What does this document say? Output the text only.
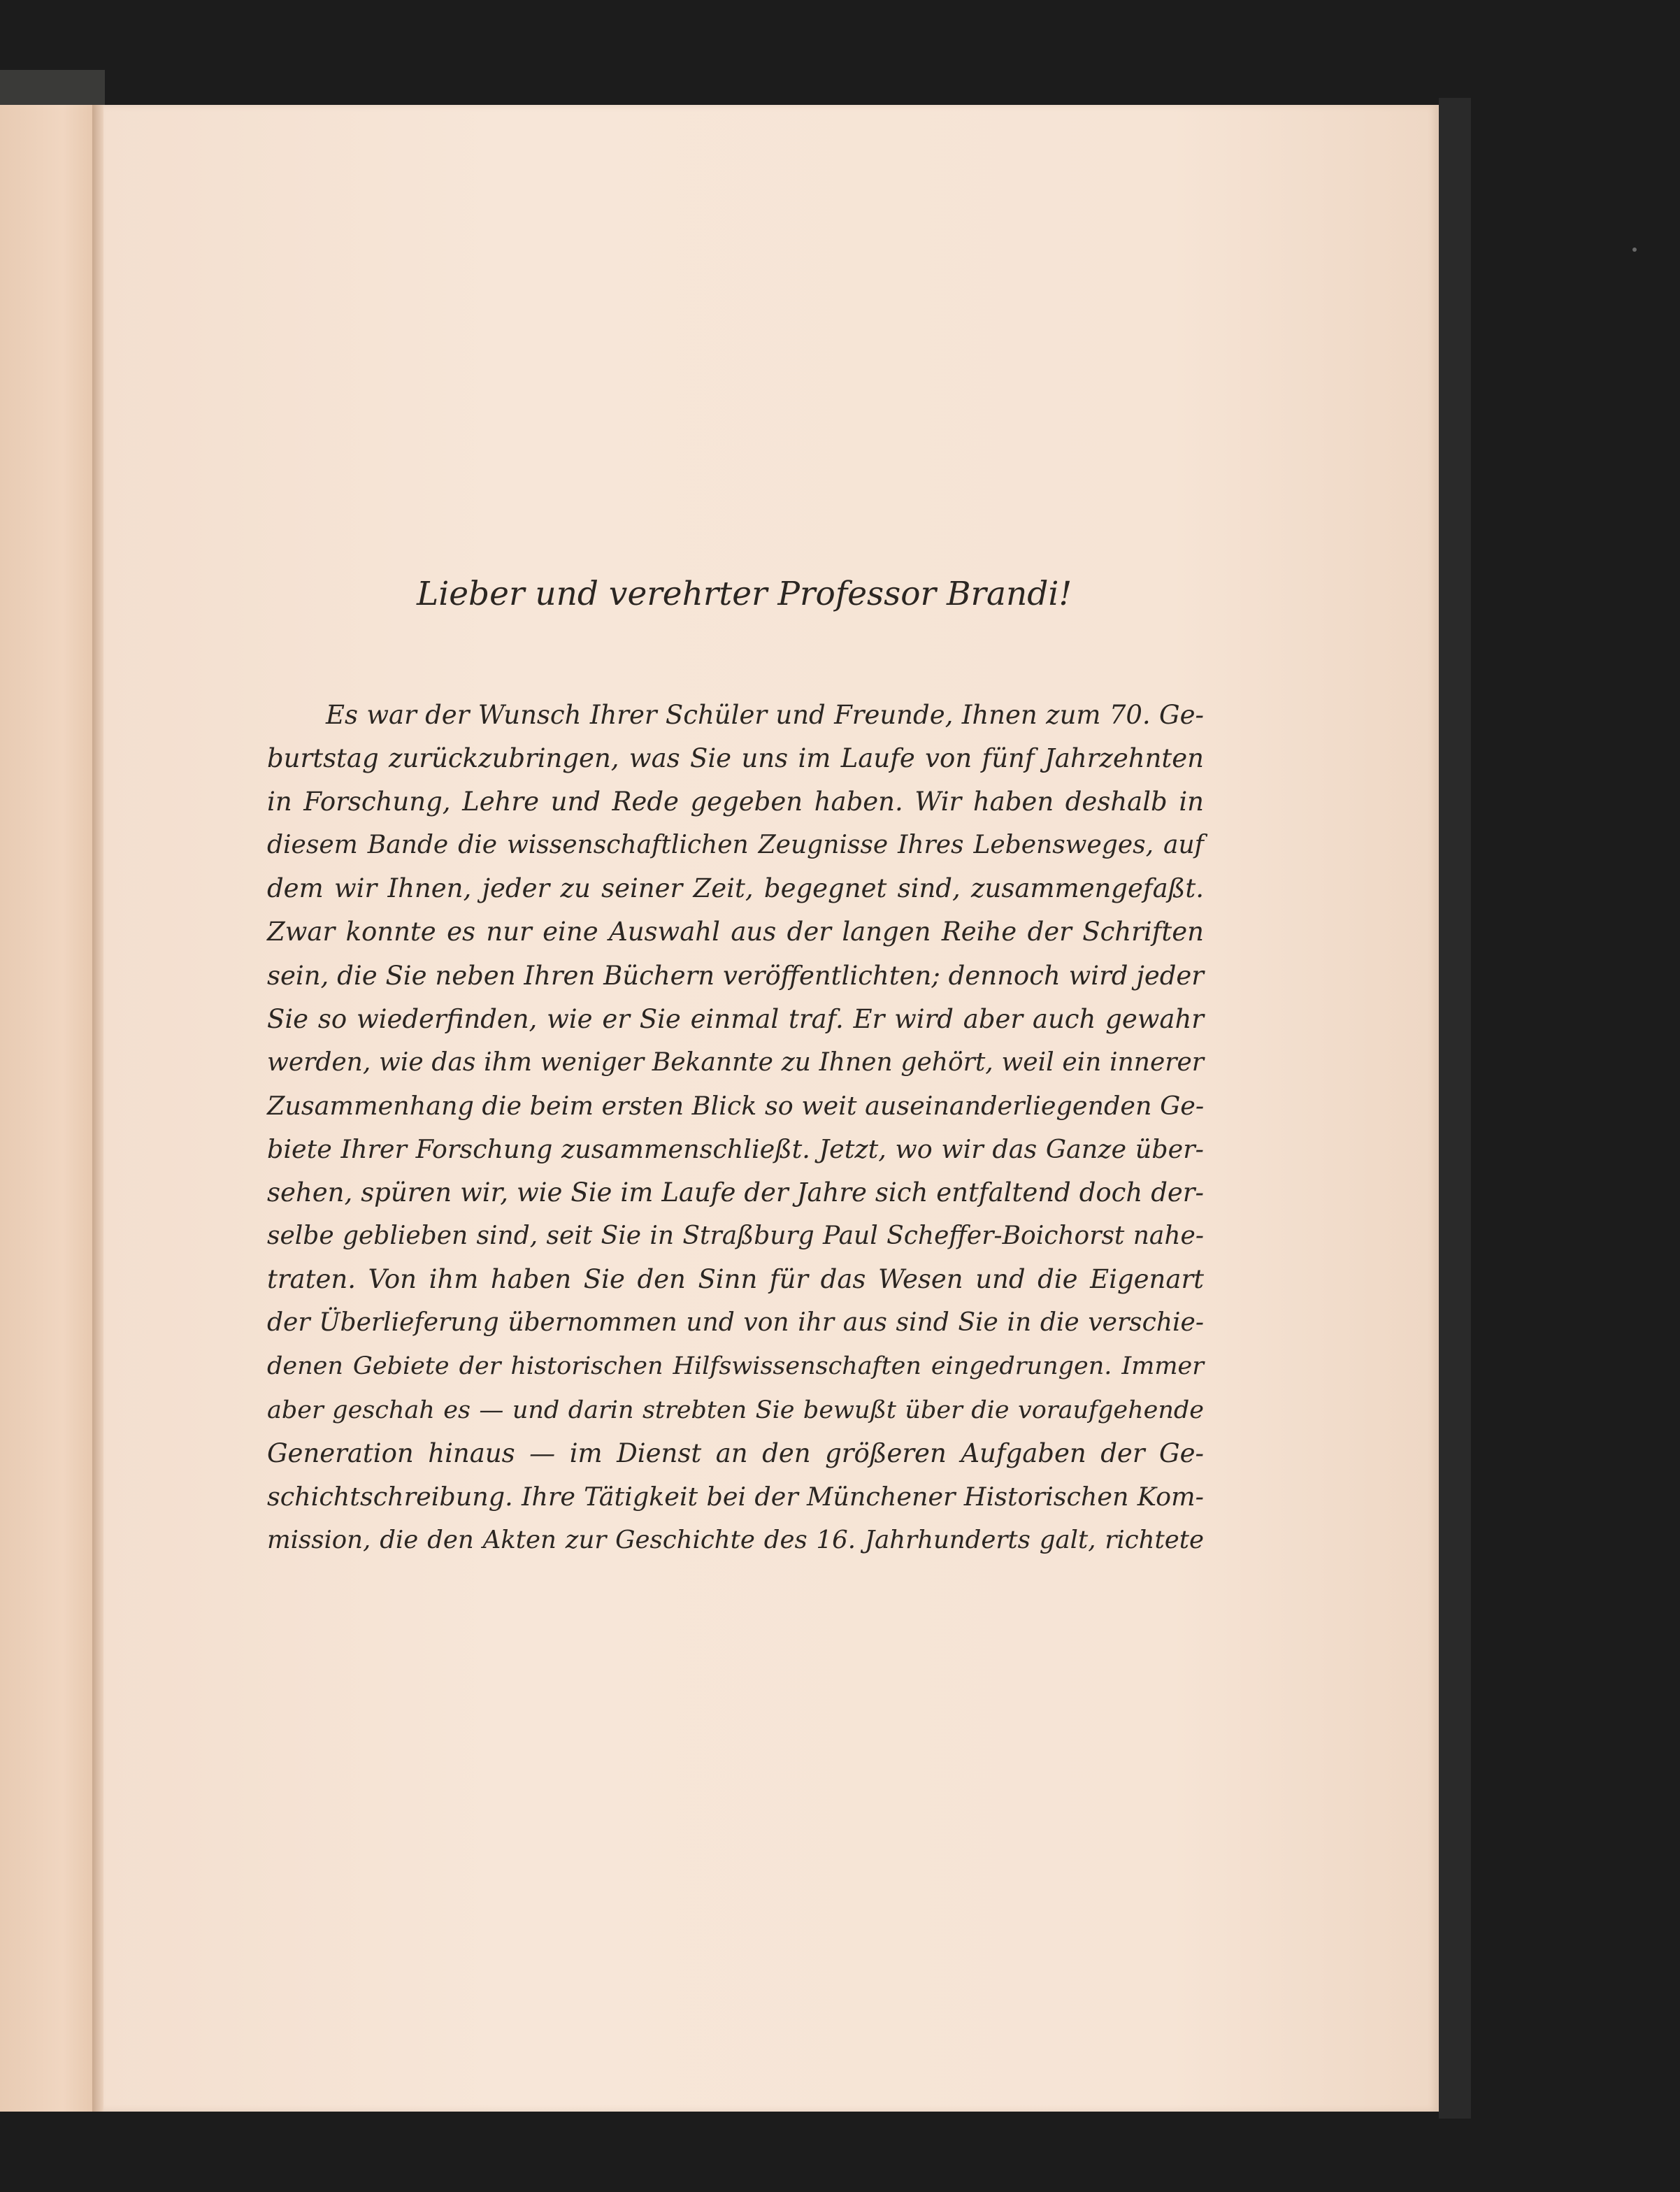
Lieber und verehrter Professor Brandi!
Es war der Wunsch Ihrer Schüler und Freunde, Ihnen zum 70. Ge-
burtstag zurückzubringen, was Sie uns im Laufe von fünf Jahrzehnten
in Forschung, Lehre und Rede gegeben haben. Wir haben deshalb in
diesem Bande die wissenschaftlichen Zeugnisse Ihres Lebensweges, auf
dem wir Ihnen, jeder zu seiner Zeit, begegnet sind, zusammengefaßt.
Zwar konnte es nur eine Auswahl aus der langen Reihe der Schriften
sein, die Sie neben Ihren Büchern veröffentlichten; dennoch wird jeder
Sie so wiederfinden, wie er Sie einmal traf. Er wird aber auch gewahr
werden, wie das ihm weniger Bekannte zu Ihnen gehört, weil ein innerer
Zusammenhang die beim ersten Blick so weit auseinanderliegenden Ge-
biete Ihrer Forschung zusammenschließt. Jetzt, wo wir das Ganze über-
sehen, spüren wir, wie Sie im Laufe der Jahre sich entfaltend doch der-
selbe geblieben sind, seit Sie in Straßburg Paul Scheffer-Boichorst nahe-
traten. Von ihm haben Sie den Sinn für das Wesen und die Eigenart
der Überlieferung übernommen und von ihr aus sind Sie in die verschie-
denen Gebiete der historischen Hilfswissenschaften eingedrungen. Immer
aber geschah es — und darin strebten Sie bewußt über die voraufgehende
Generation hinaus — im Dienst an den größeren Aufgaben der Ge-
schichtschreibung. Ihre Tätigkeit bei der Münchener Historischen Kom-
mission, die den Akten zur Geschichte des 16. Jahrhunderts galt, richtete
